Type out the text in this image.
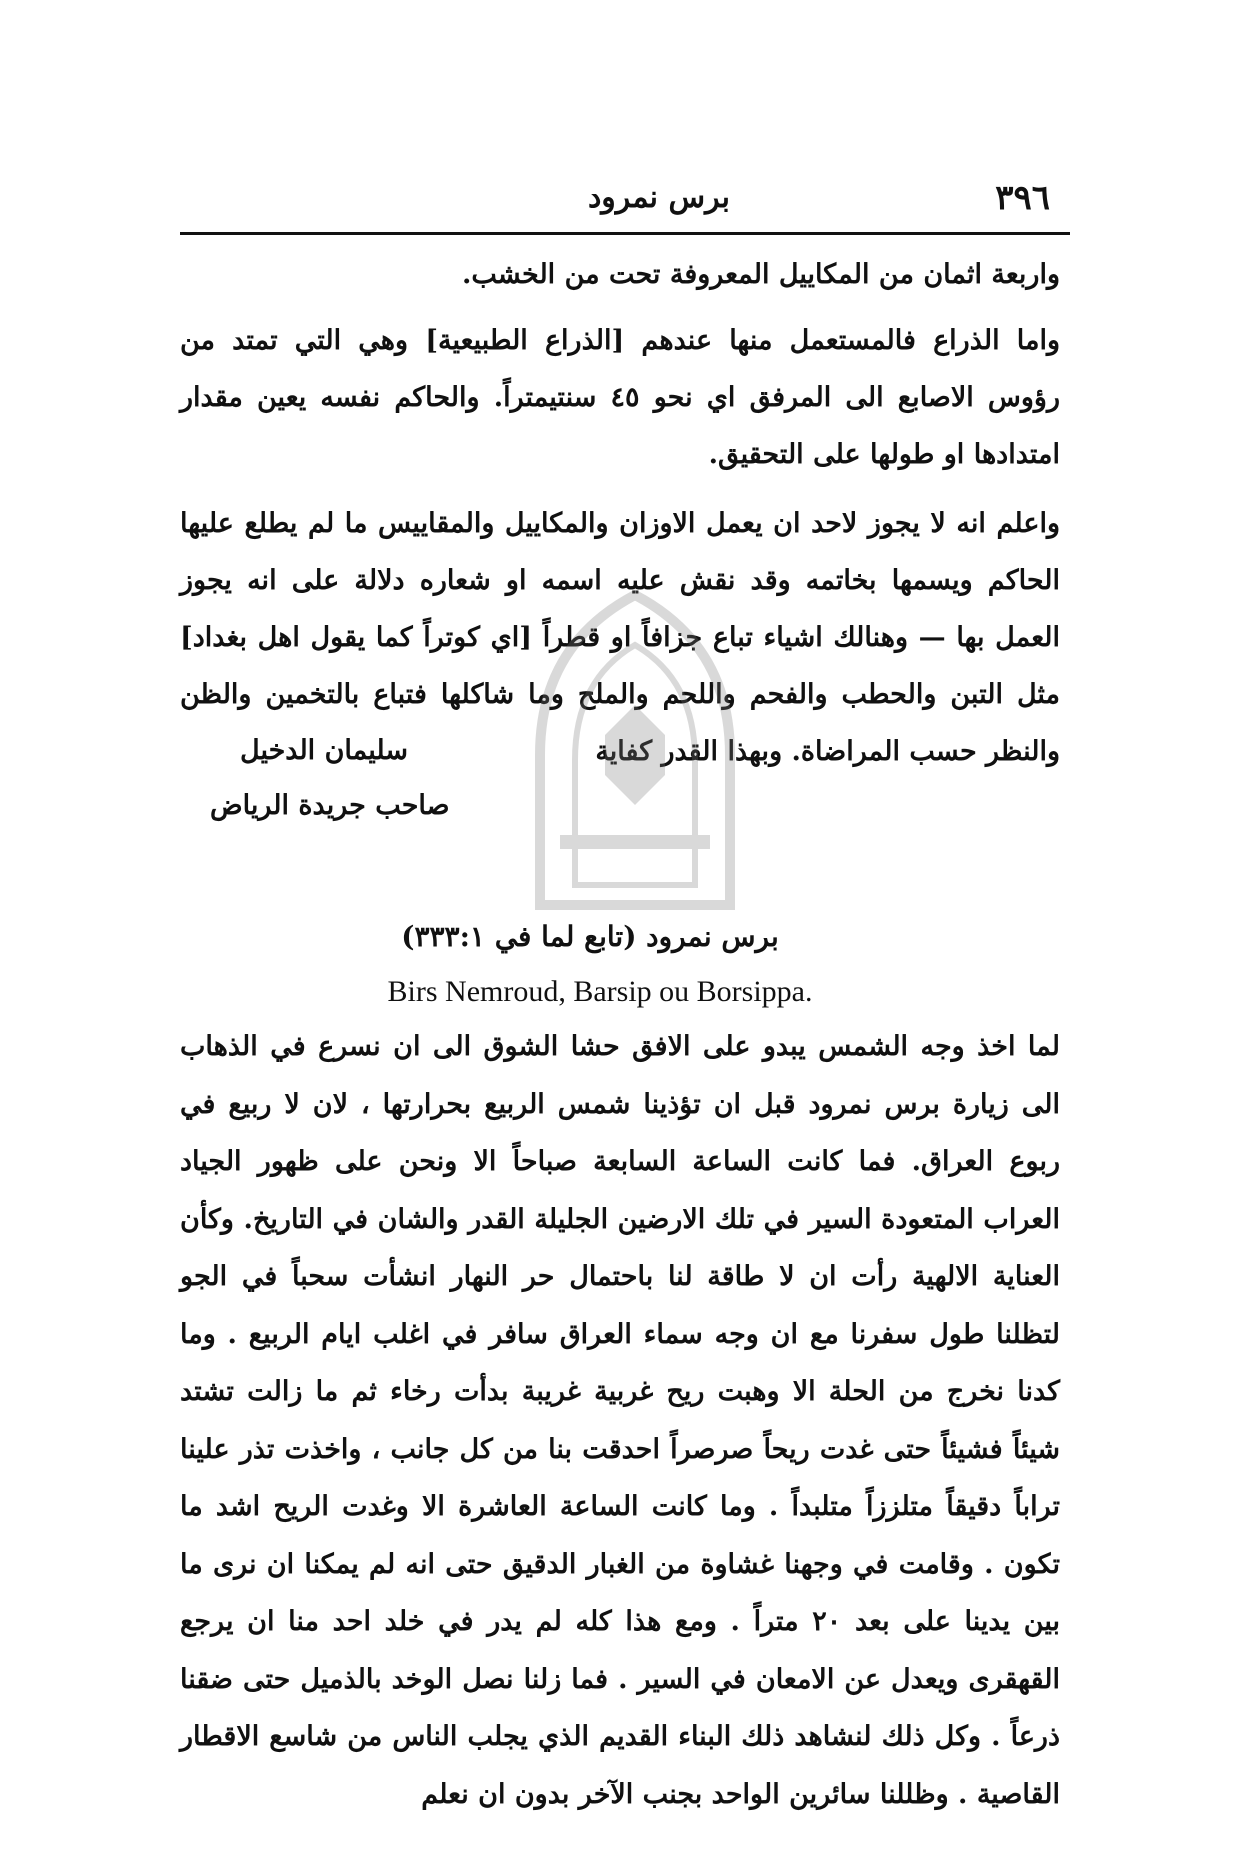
٣٩٦
برس نمرود
واربعة اثمان من المكاييل المعروفة تحت من الخشب.
واما الذراع فالمستعمل منها عندهم [الذراع الطبيعية] وهي التي تمتد من رؤوس الاصابع الى المرفق اي نحو ٤٥ سنتيمتراً. والحاكم نفسه يعين مقدار امتدادها او طولها على التحقيق.
واعلم انه لا يجوز لاحد ان يعمل الاوزان والمكاييل والمقاييس ما لم يطلع عليها الحاكم ويسمها بخاتمه وقد نقش عليه اسمه او شعاره دلالة على انه يجوز العمل بها — وهنالك اشياء تباع جزافاً او قطراً [اي كوتراً كما يقول اهل بغداد] مثل التبن والحطب والفحم واللحم والملح وما شاكلها فتباع بالتخمين والظن والنظر حسب المراضاة. وبهذا القدر كفاية
سليمان الدخيل
صاحب جريدة الرياض
برس نمرود (تابع لما في ٣٣٣:١)
Birs Nemroud, Barsip ou Borsippa.
لما اخذ وجه الشمس يبدو على الافق حشا الشوق الى ان نسرع في الذهاب الى زيارة برس نمرود قبل ان تؤذينا شمس الربيع بحرارتها ، لان لا ربيع في ربوع العراق. فما كانت الساعة السابعة صباحاً الا ونحن على ظهور الجياد العراب المتعودة السير في تلك الارضين الجليلة القدر والشان في التاريخ. وكأن العناية الالهية رأت ان لا طاقة لنا باحتمال حر النهار انشأت سحباً في الجو لتظلنا طول سفرنا مع ان وجه سماء العراق سافر في اغلب ايام الربيع . وما كدنا نخرج من الحلة الا وهبت ريح غربية غريبة بدأت رخاء ثم ما زالت تشتد شيئاً فشيئاً حتى غدت ريحاً صرصراً احدقت بنا من كل جانب ، واخذت تذر علينا تراباً دقيقاً متلززاً متلبداً . وما كانت الساعة العاشرة الا وغدت الريح اشد ما تكون . وقامت في وجهنا غشاوة من الغبار الدقيق حتى انه لم يمكنا ان نرى ما بين يدينا على بعد ٢٠ متراً . ومع هذا كله لم يدر في خلد احد منا ان يرجع القهقرى ويعدل عن الامعان في السير . فما زلنا نصل الوخد بالذميل حتى ضقنا ذرعاً . وكل ذلك لنشاهد ذلك البناء القديم الذي يجلب الناس من شاسع الاقطار القاصية . وظللنا سائرين الواحد بجنب الآخر بدون ان نعلم
